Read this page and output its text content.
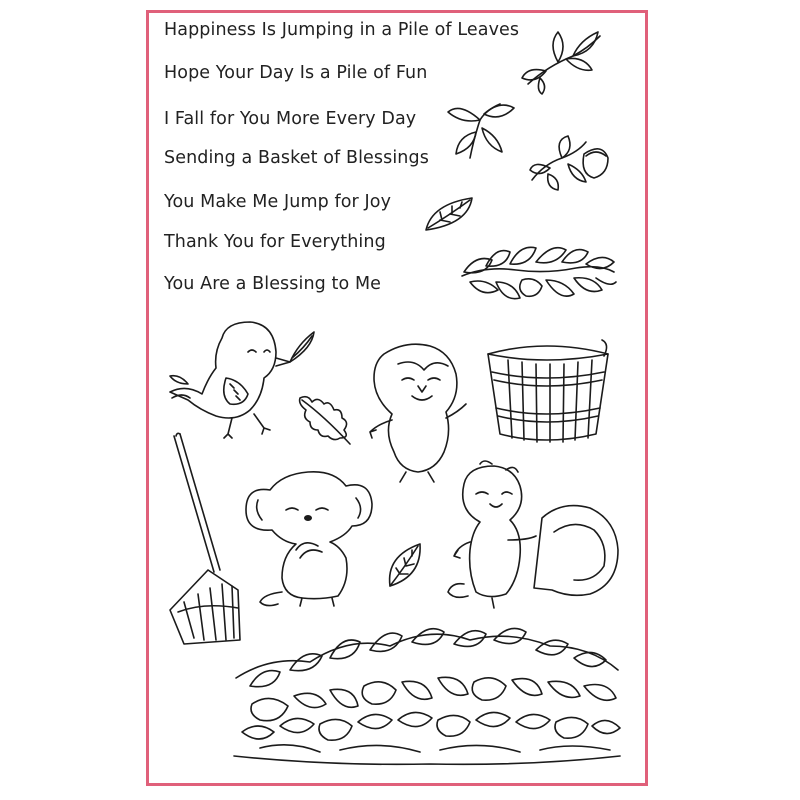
Happiness Is Jumping in a Pile of Leaves
Hope Your Day Is a Pile of Fun
I Fall for You More Every Day
Sending a Basket of Blessings
You Make Me Jump for Joy
Thank You for Everything
You Are a Blessing to Me
